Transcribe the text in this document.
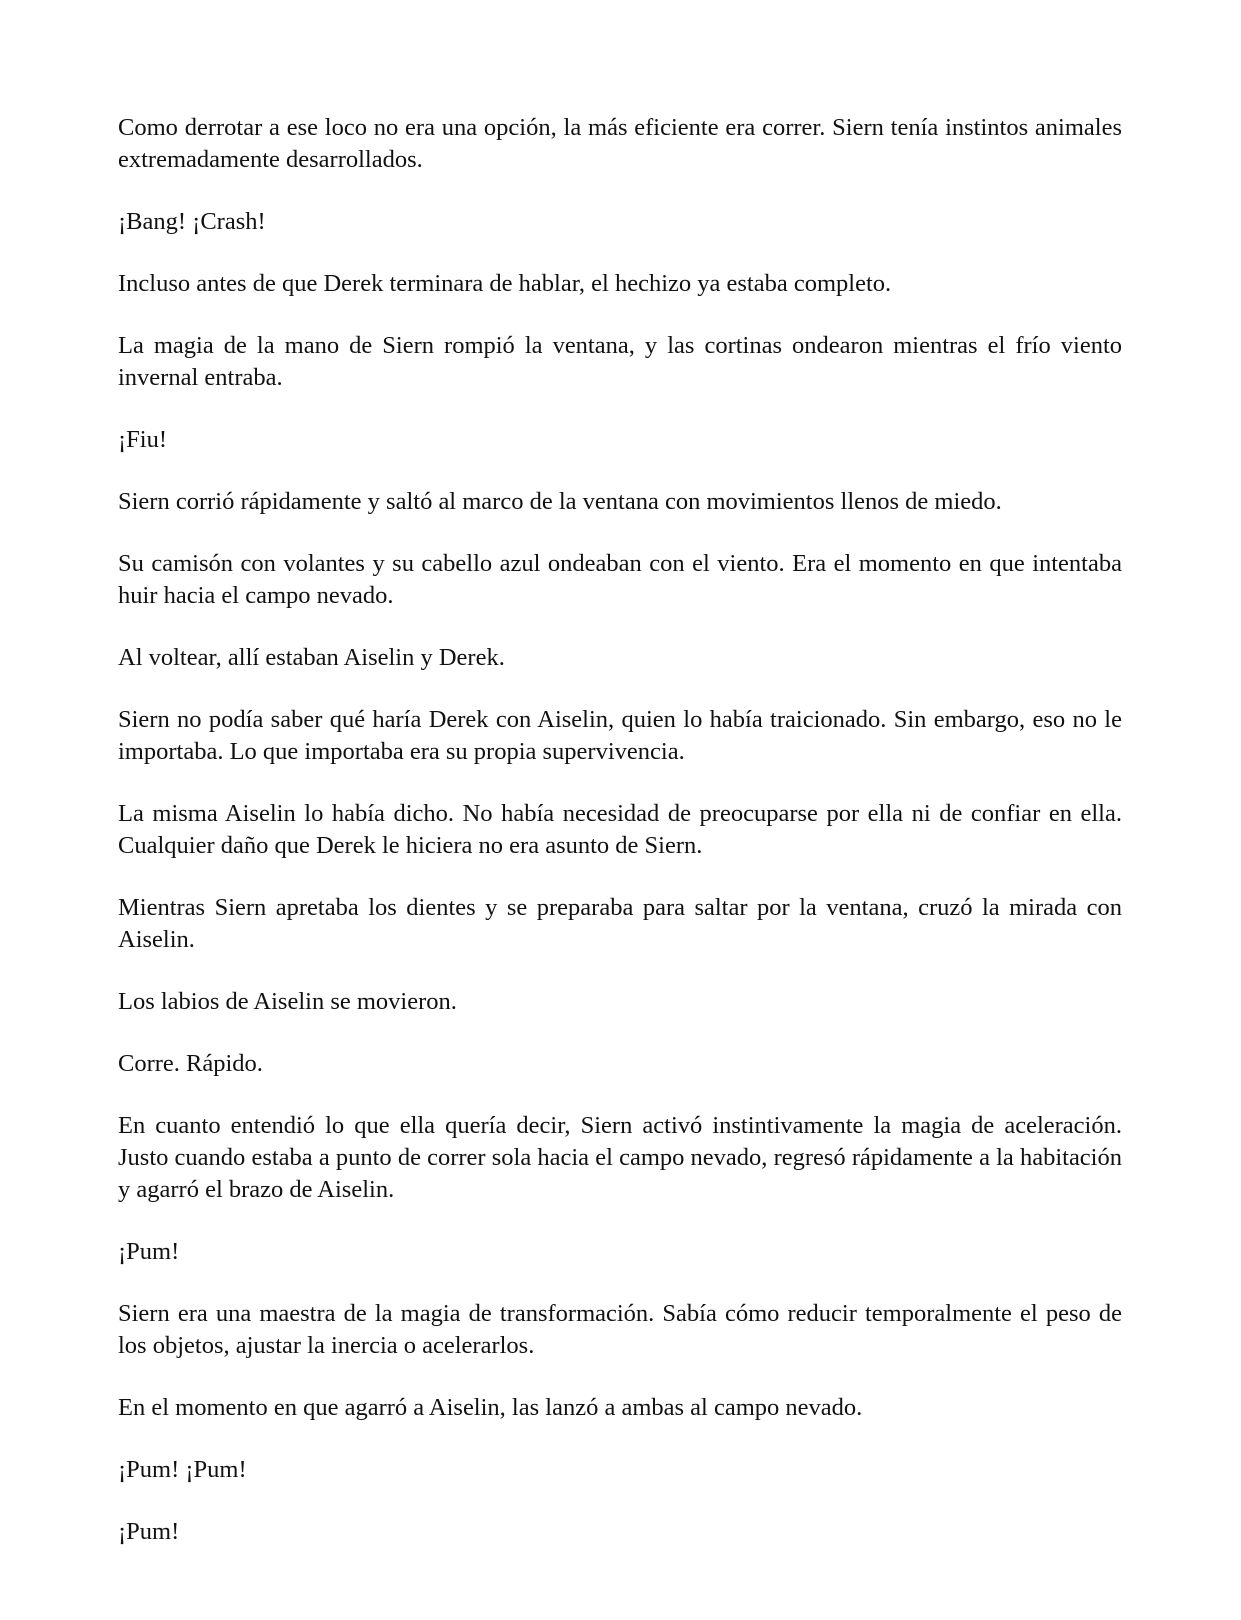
Como derrotar a ese loco no era una opción, la más eficiente era correr. Siern tenía instintos animales extremadamente desarrollados.

¡Bang! ¡Crash!

Incluso antes de que Derek terminara de hablar, el hechizo ya estaba completo.

La magia de la mano de Siern rompió la ventana, y las cortinas ondearon mientras el frío viento invernal entraba.

¡Fiu!

Siern corrió rápidamente y saltó al marco de la ventana con movimientos llenos de miedo.

Su camisón con volantes y su cabello azul ondeaban con el viento. Era el momento en que intentaba huir hacia el campo nevado.

Al voltear, allí estaban Aiselin y Derek.

Siern no podía saber qué haría Derek con Aiselin, quien lo había traicionado. Sin embargo, eso no le importaba. Lo que importaba era su propia supervivencia.

La misma Aiselin lo había dicho. No había necesidad de preocuparse por ella ni de confiar en ella. Cualquier daño que Derek le hiciera no era asunto de Siern.

Mientras Siern apretaba los dientes y se preparaba para saltar por la ventana, cruzó la mirada con Aiselin.

Los labios de Aiselin se movieron.

Corre. Rápido.

En cuanto entendió lo que ella quería decir, Siern activó instintivamente la magia de aceleración. Justo cuando estaba a punto de correr sola hacia el campo nevado, regresó rápidamente a la habitación y agarró el brazo de Aiselin.

¡Pum!

Siern era una maestra de la magia de transformación. Sabía cómo reducir temporalmente el peso de los objetos, ajustar la inercia o acelerarlos.

En el momento en que agarró a Aiselin, las lanzó a ambas al campo nevado.

¡Pum! ¡Pum!

¡Pum!
